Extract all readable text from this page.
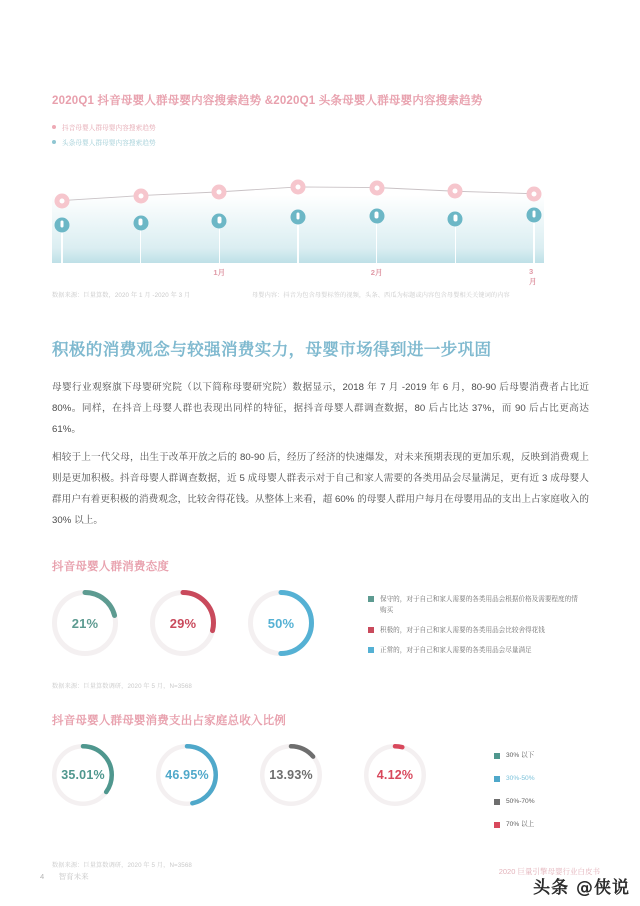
2020Q1 抖音母婴人群母婴内容搜索趋势 &2020Q1 头条母婴人群母婴内容搜索趋势
抖音母婴人群母婴内容搜索趋势
头条母婴人群母婴内容搜索趋势
1月	2月	3月
数据来源：巨量算数，2020 年 1 月 -2020 年 3 月	母婴内容：抖音为包含母婴标签的视频，头条、西瓜为标题或内容包含母婴相关关键词的内容
积极的消费观念与较强消费实力，母婴市场得到进一步巩固
母婴行业观察旗下母婴研究院（以下简称母婴研究院）数据显示，2018 年 7 月 -2019 年 6 月，80-90 后母婴消费者占比近 80%。同样，在抖音上母婴人群也表现出同样的特征，据抖音母婴人群调查数据，80 后占比达 37%，而 90 后占比更高达 61%。
相较于上一代父母，出生于改革开放之后的 80-90 后，经历了经济的快速爆发，对未来预期表现的更加乐观，反映到消费观上则是更加积极。抖音母婴人群调查数据，近 5 成母婴人群表示对于自己和家人需要的各类用品会尽量满足，更有近 3 成母婴人群用户有着更积极的消费观念，比较舍得花钱。从整体上来看，超 60% 的母婴人群用户每月在母婴用品的支出上占家庭收入的 30% 以上。
抖音母婴人群消费态度
21%	29%	50%
保守的，对于自己和家人需要的各类用品会根据价格及需要程度的情购买
积极的，对于自己和家人需要的各类用品会比较舍得花钱
正常的，对于自己和家人需要的各类用品会尽量满足
数据来源：巨量算数调研，2020 年 5 月，N=3568
抖音母婴人群母婴消费支出占家庭总收入比例
35.01%	46.95%	13.93%	4.12%
30% 以下
30%-50%
50%-70%
70% 以上
数据来源：巨量算数调研，2020 年 5 月，N=3568
4 智育未来
2020 巨量引擎母婴行业白皮书
头条 @侠说
